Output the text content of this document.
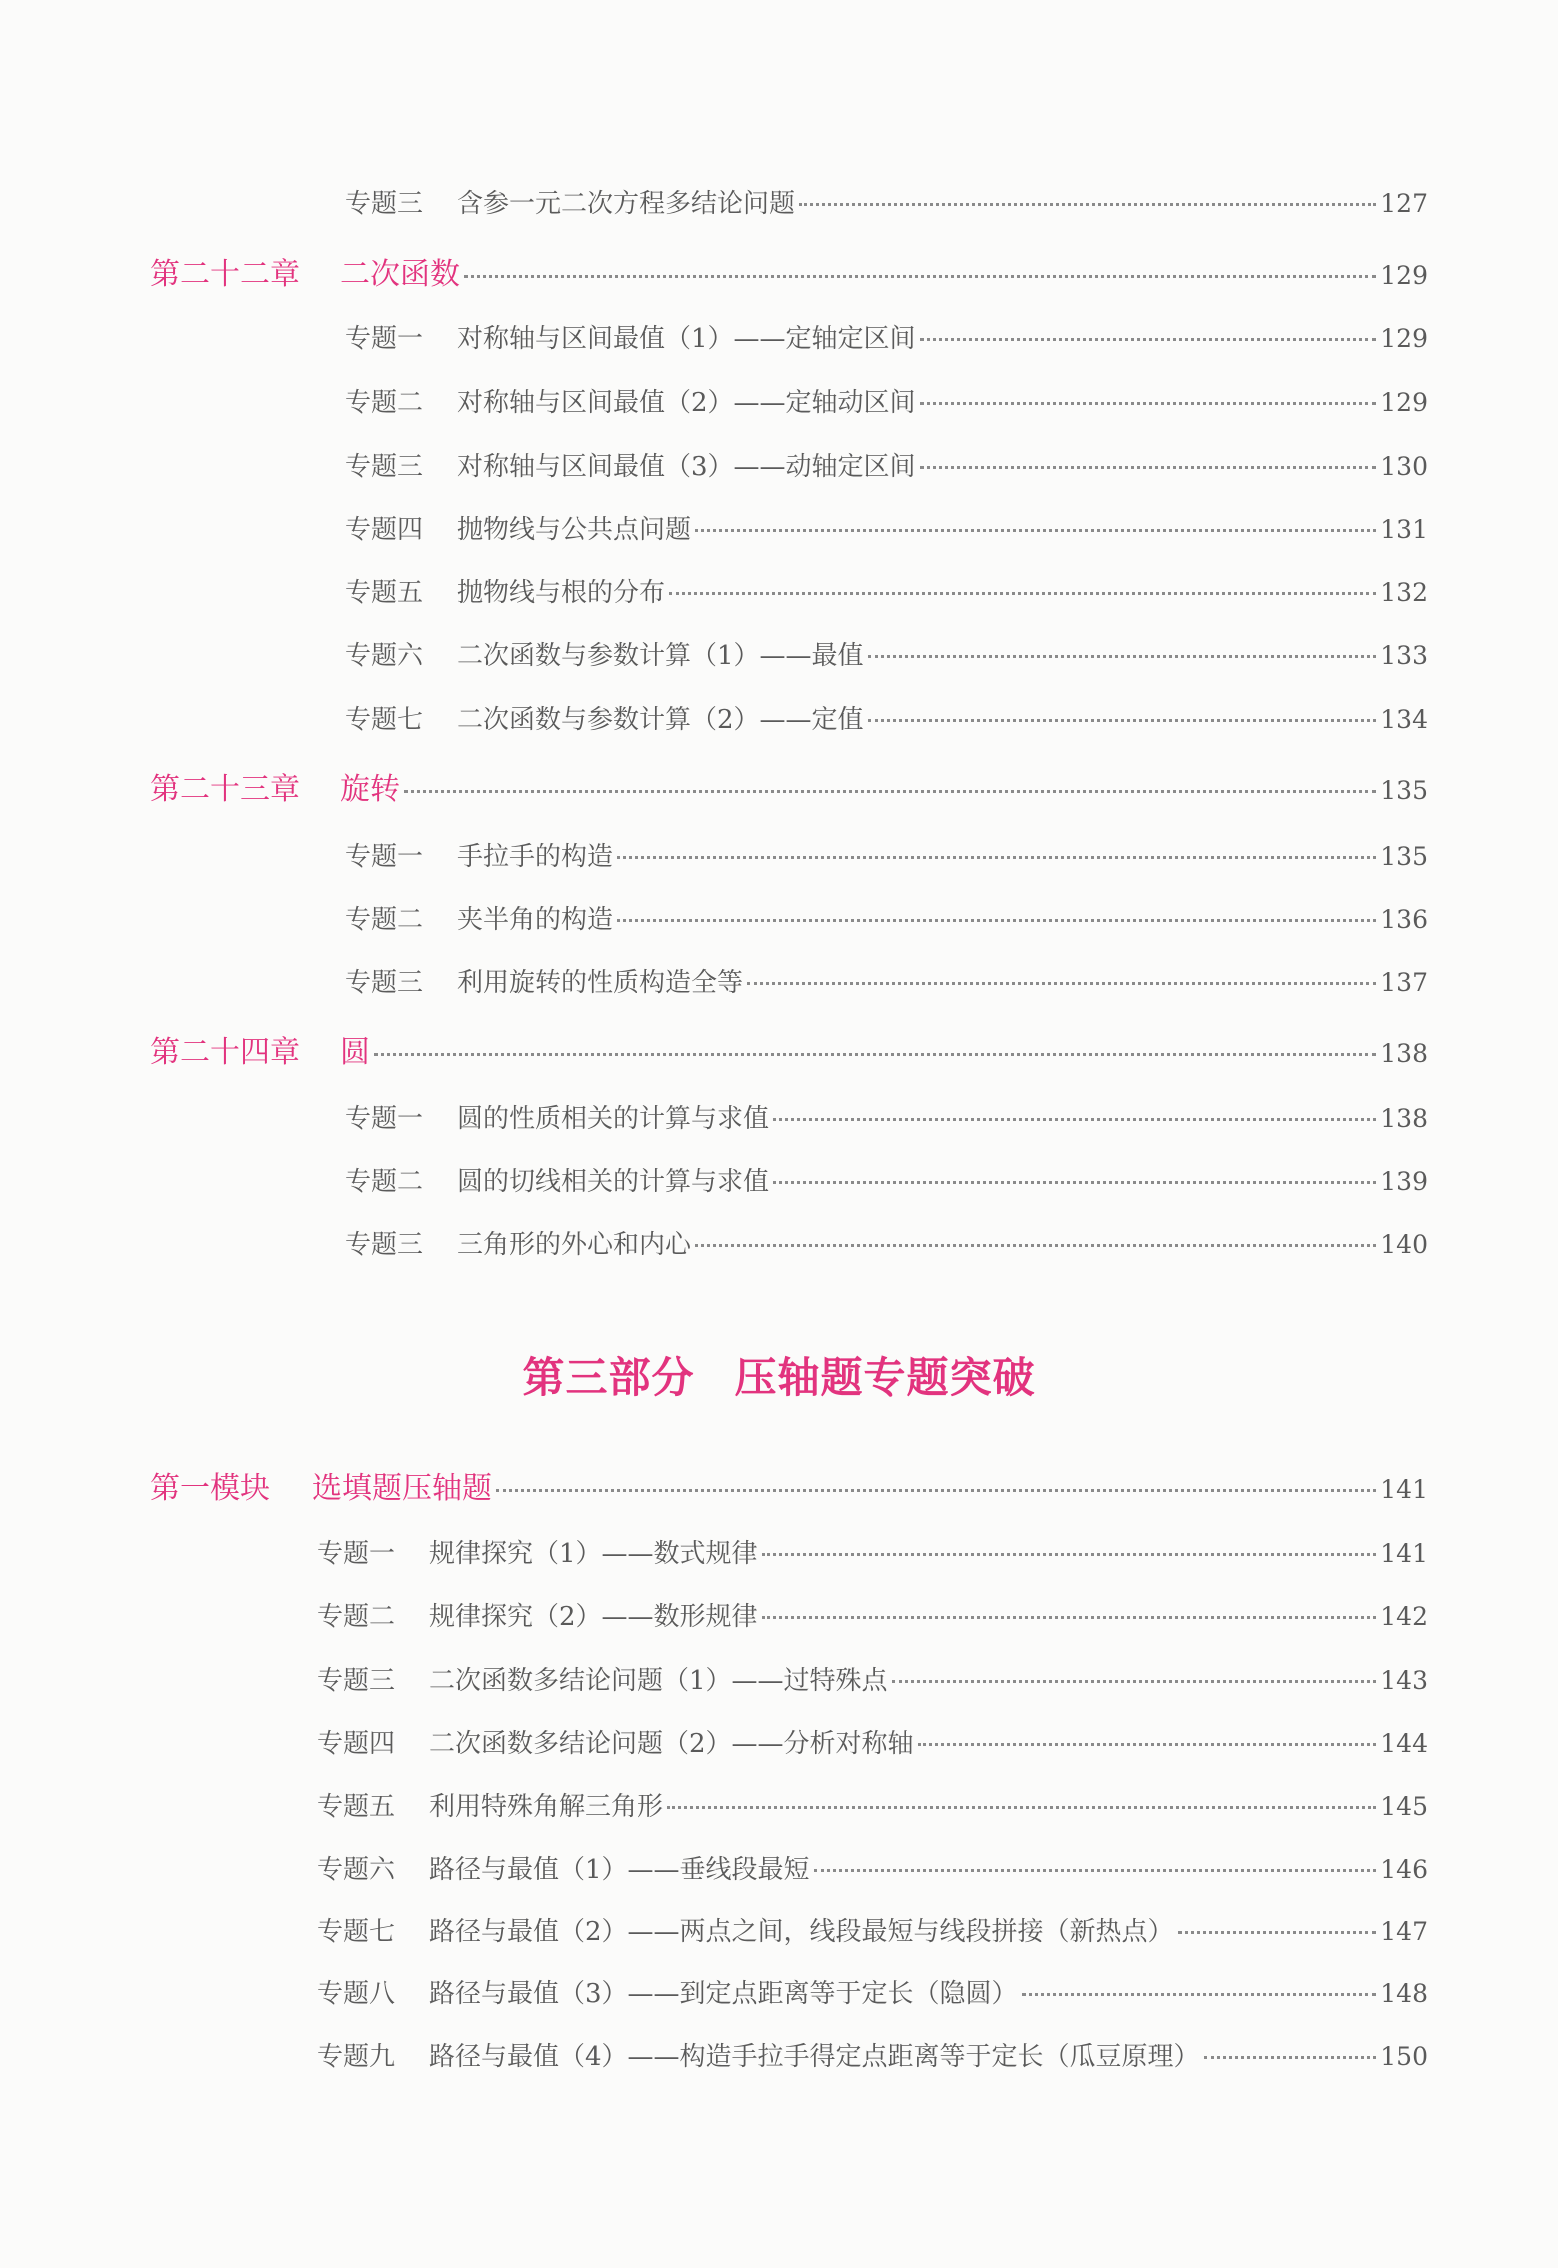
专题三	含参一元二次方程多结论问题	127
第二十二章	二次函数	129
专题一	对称轴与区间最值（1）——定轴定区间	129
专题二	对称轴与区间最值（2）——定轴动区间	129
专题三	对称轴与区间最值（3）——动轴定区间	130
专题四	抛物线与公共点问题	131
专题五	抛物线与根的分布	132
专题六	二次函数与参数计算（1）——最值	133
专题七	二次函数与参数计算（2）——定值	134
第二十三章	旋转	135
专题一	手拉手的构造	135
专题二	夹半角的构造	136
专题三	利用旋转的性质构造全等	137
第二十四章	圆	138
专题一	圆的性质相关的计算与求值	138
专题二	圆的切线相关的计算与求值	139
专题三	三角形的外心和内心	140
第三部分 压轴题专题突破
第一模块	选填题压轴题	141
专题一	规律探究（1）——数式规律	141
专题二	规律探究（2）——数形规律	142
专题三	二次函数多结论问题（1）——过特殊点	143
专题四	二次函数多结论问题（2）——分析对称轴	144
专题五	利用特殊角解三角形	145
专题六	路径与最值（1）——垂线段最短	146
专题七	路径与最值（2）——两点之间，线段最短与线段拼接（新热点）	147
专题八	路径与最值（3）——到定点距离等于定长（隐圆）	148
专题九	路径与最值（4）——构造手拉手得定点距离等于定长（瓜豆原理）	150
